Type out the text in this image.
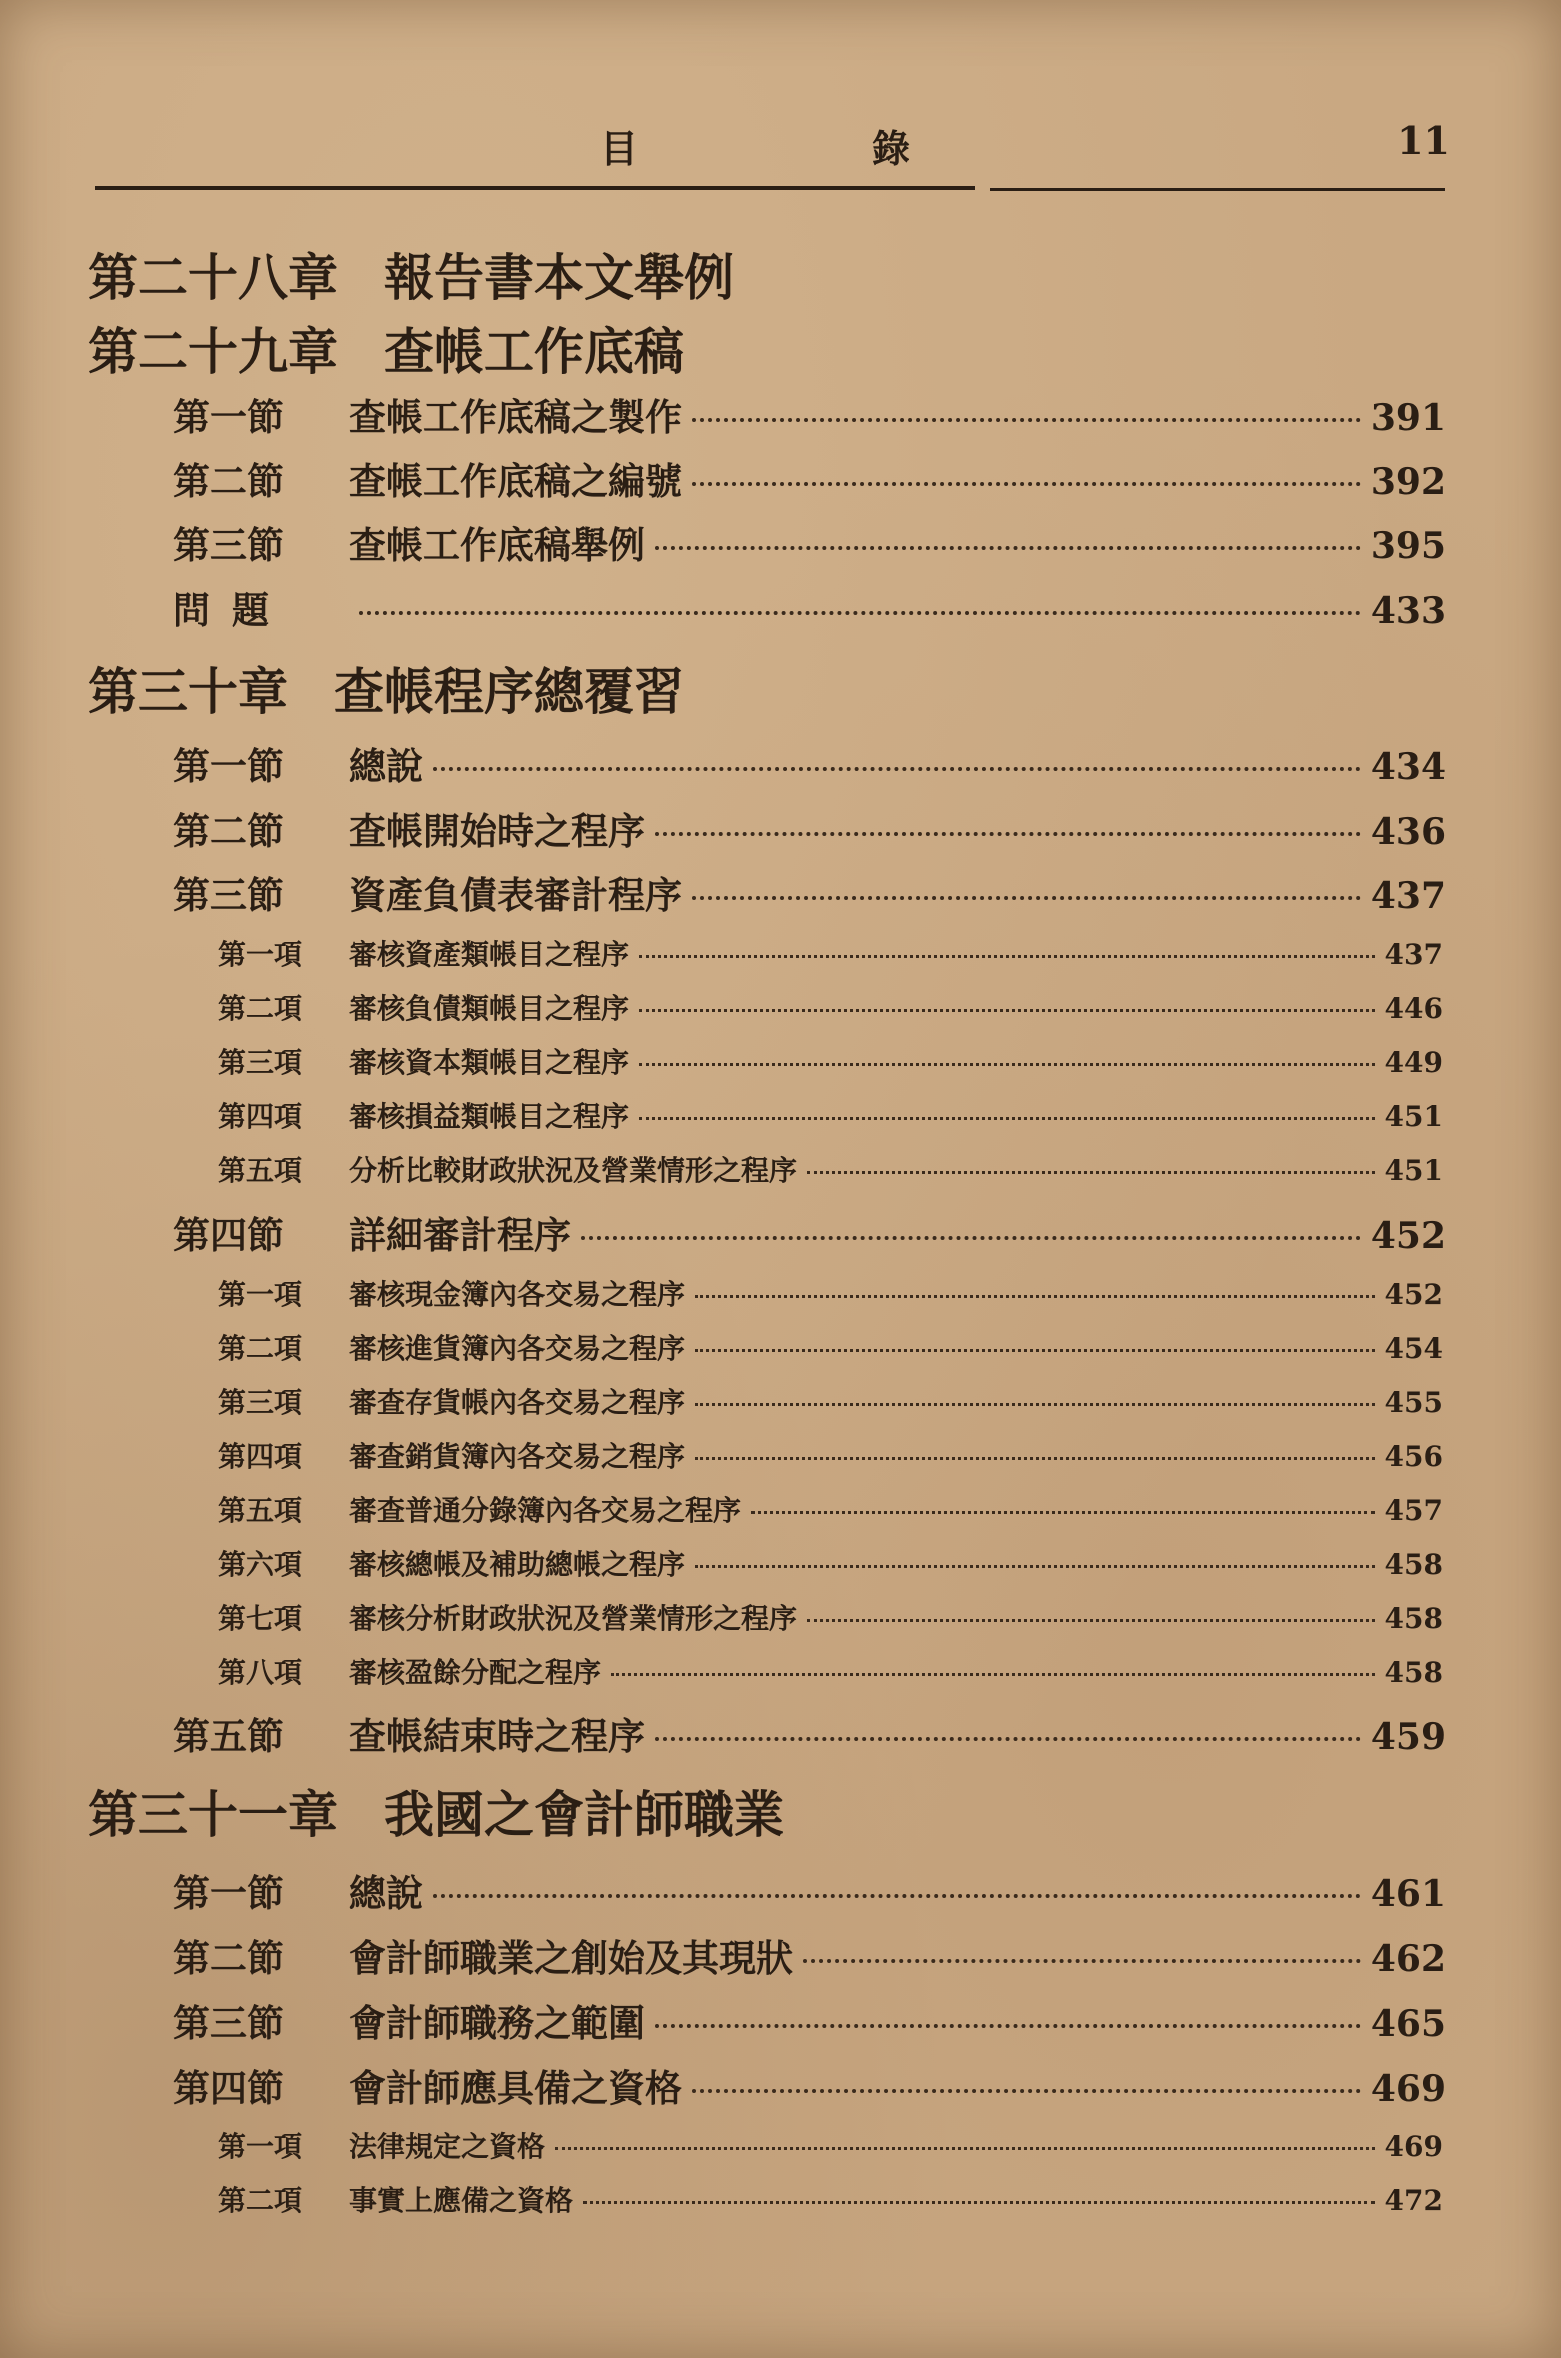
目	錄	11
第二十八章 報告書本文舉例
第二十九章 查帳工作底稿
第一節	查帳工作底稿之製作	391
第二節	查帳工作底稿之編號	392
第三節	查帳工作底稿舉例	395
問題	433
第三十章 查帳程序總覆習
第一節	總說	434
第二節	查帳開始時之程序	436
第三節	資產負債表審計程序	437
第一項	審核資產類帳目之程序	437
第二項	審核負債類帳目之程序	446
第三項	審核資本類帳目之程序	449
第四項	審核損益類帳目之程序	451
第五項	分析比較財政狀況及營業情形之程序	451
第四節	詳細審計程序	452
第一項	審核現金簿內各交易之程序	452
第二項	審核進貨簿內各交易之程序	454
第三項	審查存貨帳內各交易之程序	455
第四項	審查銷貨簿內各交易之程序	456
第五項	審查普通分錄簿內各交易之程序	457
第六項	審核總帳及補助總帳之程序	458
第七項	審核分析財政狀況及營業情形之程序	458
第八項	審核盈餘分配之程序	458
第五節	查帳結束時之程序	459
第三十一章 我國之會計師職業
第一節	總說	461
第二節	會計師職業之創始及其現狀	462
第三節	會計師職務之範圍	465
第四節	會計師應具備之資格	469
第一項	法律規定之資格	469
第二項	事實上應備之資格	472
